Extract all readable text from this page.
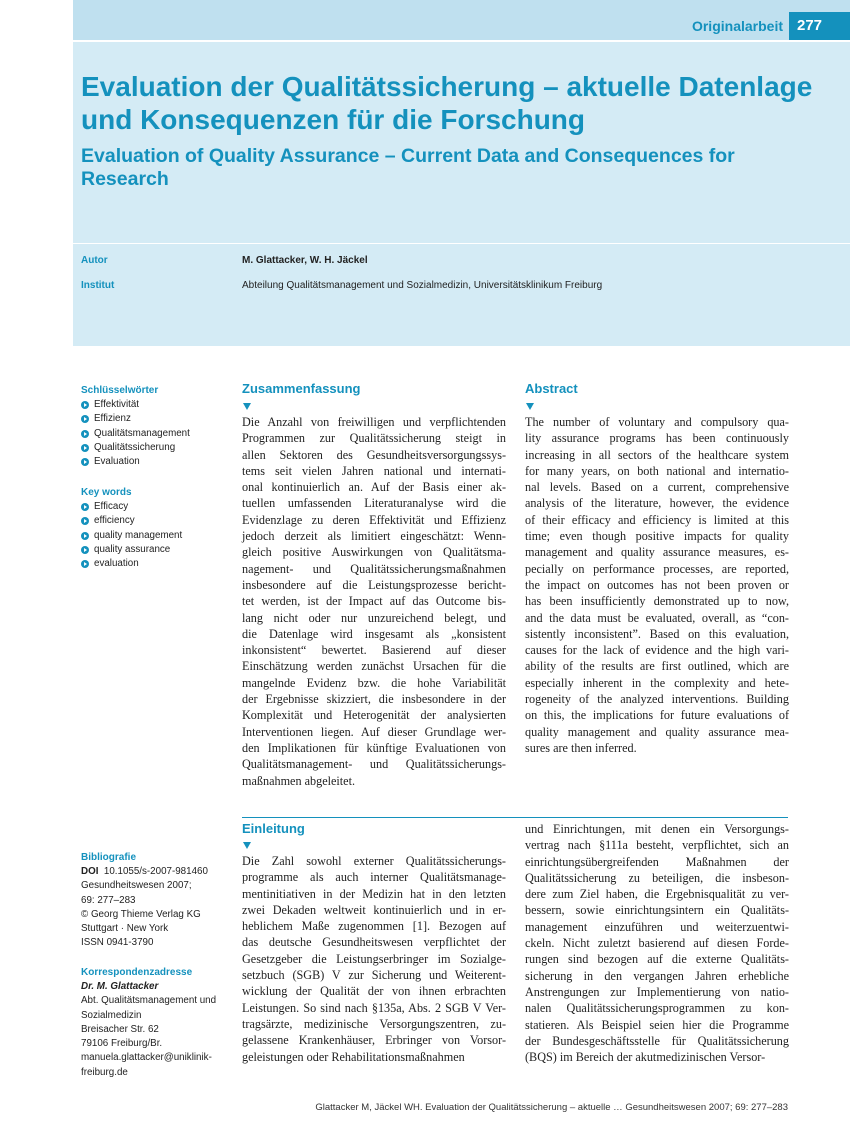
Originalarbeit 277
Evaluation der Qualitätssicherung – aktuelle Datenlage
und Konsequenzen für die Forschung
Evaluation of Quality Assurance – Current Data and Consequences for
Research
Autor	M. Glattacker, W. H. Jäckel
Institut	Abteilung Qualitätsmanagement und Sozialmedizin, Universitätsklinikum Freiburg
Schlüsselwörter
Effektivität
Effizienz
Qualitätsmanagement
Qualitätssicherung
Evaluation
Key words
Efficacy
efficiency
quality management
quality assurance
evaluation
Bibliografie
DOI 10.1055/s-2007-981460
Gesundheitswesen 2007;
69: 277–283
© Georg Thieme Verlag KG
Stuttgart · New York
ISSN 0941-3790
Korrespondenzadresse
Dr. M. Glattacker
Abt. Qualitätsmanagement und
Sozialmedizin
Breisacher Str. 62
79106 Freiburg/Br.
manuela.glattacker@uniklinik-
freiburg.de
Zusammenfassung
Die Anzahl von freiwilligen und verpflichtenden
Programmen zur Qualitätssicherung steigt in
allen Sektoren des Gesundheitsversorgungssys-
tems seit vielen Jahren national und internati-
onal kontinuierlich an. Auf der Basis einer ak-
tuellen umfassenden Literaturanalyse wird die
Evidenzlage zu deren Effektivität und Effizienz
jedoch derzeit als limitiert eingeschätzt: Wenn-
gleich positive Auswirkungen von Qualitätsma-
nagement- und Qualitätssicherungsmaßnahmen
insbesondere auf die Leistungsprozesse bericht-
tet werden, ist der Impact auf das Outcome bis-
lang nicht oder nur unzureichend belegt, und
die Datenlage wird insgesamt als „konsistent
inkonsistent“ bewertet. Basierend auf dieser
Einschätzung werden zunächst Ursachen für die
mangelnde Evidenz bzw. die hohe Variabilität
der Ergebnisse skizziert, die insbesondere in der
Komplexität und Heterogenität der analysierten
Interventionen liegen. Auf dieser Grundlage wer-
den Implikationen für künftige Evaluationen von
Qualitätsmanagement- und Qualitätssicherungs-
maßnahmen abgeleitet.
Abstract
The number of voluntary and compulsory qua-
lity assurance programs has been continuously
increasing in all sectors of the healthcare system
for many years, on both national and internatio-
nal levels. Based on a current, comprehensive
analysis of the literature, however, the evidence
of their efficacy and efficiency is limited at this
time; even though positive impacts for quality
management and quality assurance measures, es-
pecially on performance processes, are reported,
the impact on outcomes has not been proven or
has been insufficiently demonstrated up to now,
and the data must be evaluated, overall, as “con-
sistently inconsistent”. Based on this evaluation,
causes for the lack of evidence and the high vari-
ability of the results are first outlined, which are
especially inherent in the complexity and hete-
rogeneity of the analyzed interventions. Building
on this, the implications for future evaluations of
quality management and quality assurance mea-
sures are then inferred.
Einleitung
Die Zahl sowohl externer Qualitätssicherungs-
programme als auch interner Qualitätsmanage-
mentinitiativen in der Medizin hat in den letzten
zwei Dekaden weltweit kontinuierlich und in er-
heblichem Maße zugenommen [1]. Bezogen auf
das deutsche Gesundheitswesen verpflichtet der
Gesetzgeber die Leistungserbringer im Sozialge-
setzbuch (SGB) V zur Sicherung und Weiterent-
wicklung der Qualität der von ihnen erbrachten
Leistungen. So sind nach §135a, Abs. 2 SGB V Ver-
tragsärzte, medizinische Versorgungszentren, zu-
gelassene Krankenhäuser, Erbringer von Vorsor-
geleistungen oder Rehabilitationsmaßnahmen
und Einrichtungen, mit denen ein Versorgungs-
vertrag nach §111a besteht, verpflichtet, sich an
einrichtungsübergreifenden Maßnahmen der
Qualitätssicherung zu beteiligen, die insbeson-
dere zum Ziel haben, die Ergebnisqualität zu ver-
bessern, sowie einrichtungsintern ein Qualitäts-
management einzuführen und weiterzuentwi-
ckeln. Nicht zuletzt basierend auf diesen Forde-
rungen sind bezogen auf die externe Qualitäts-
sicherung in den vergangen Jahren erhebliche
Anstrengungen zur Implementierung von natio-
nalen Qualitätssicherungsprogrammen zu kon-
statieren. Als Beispiel seien hier die Programme
der Bundesgeschäftsstelle für Qualitätssicherung
(BQS) im Bereich der akutmedizinischen Versor-
Glattacker M, Jäckel WH. Evaluation der Qualitätssicherung – aktuelle … Gesundheitswesen 2007; 69: 277–283
